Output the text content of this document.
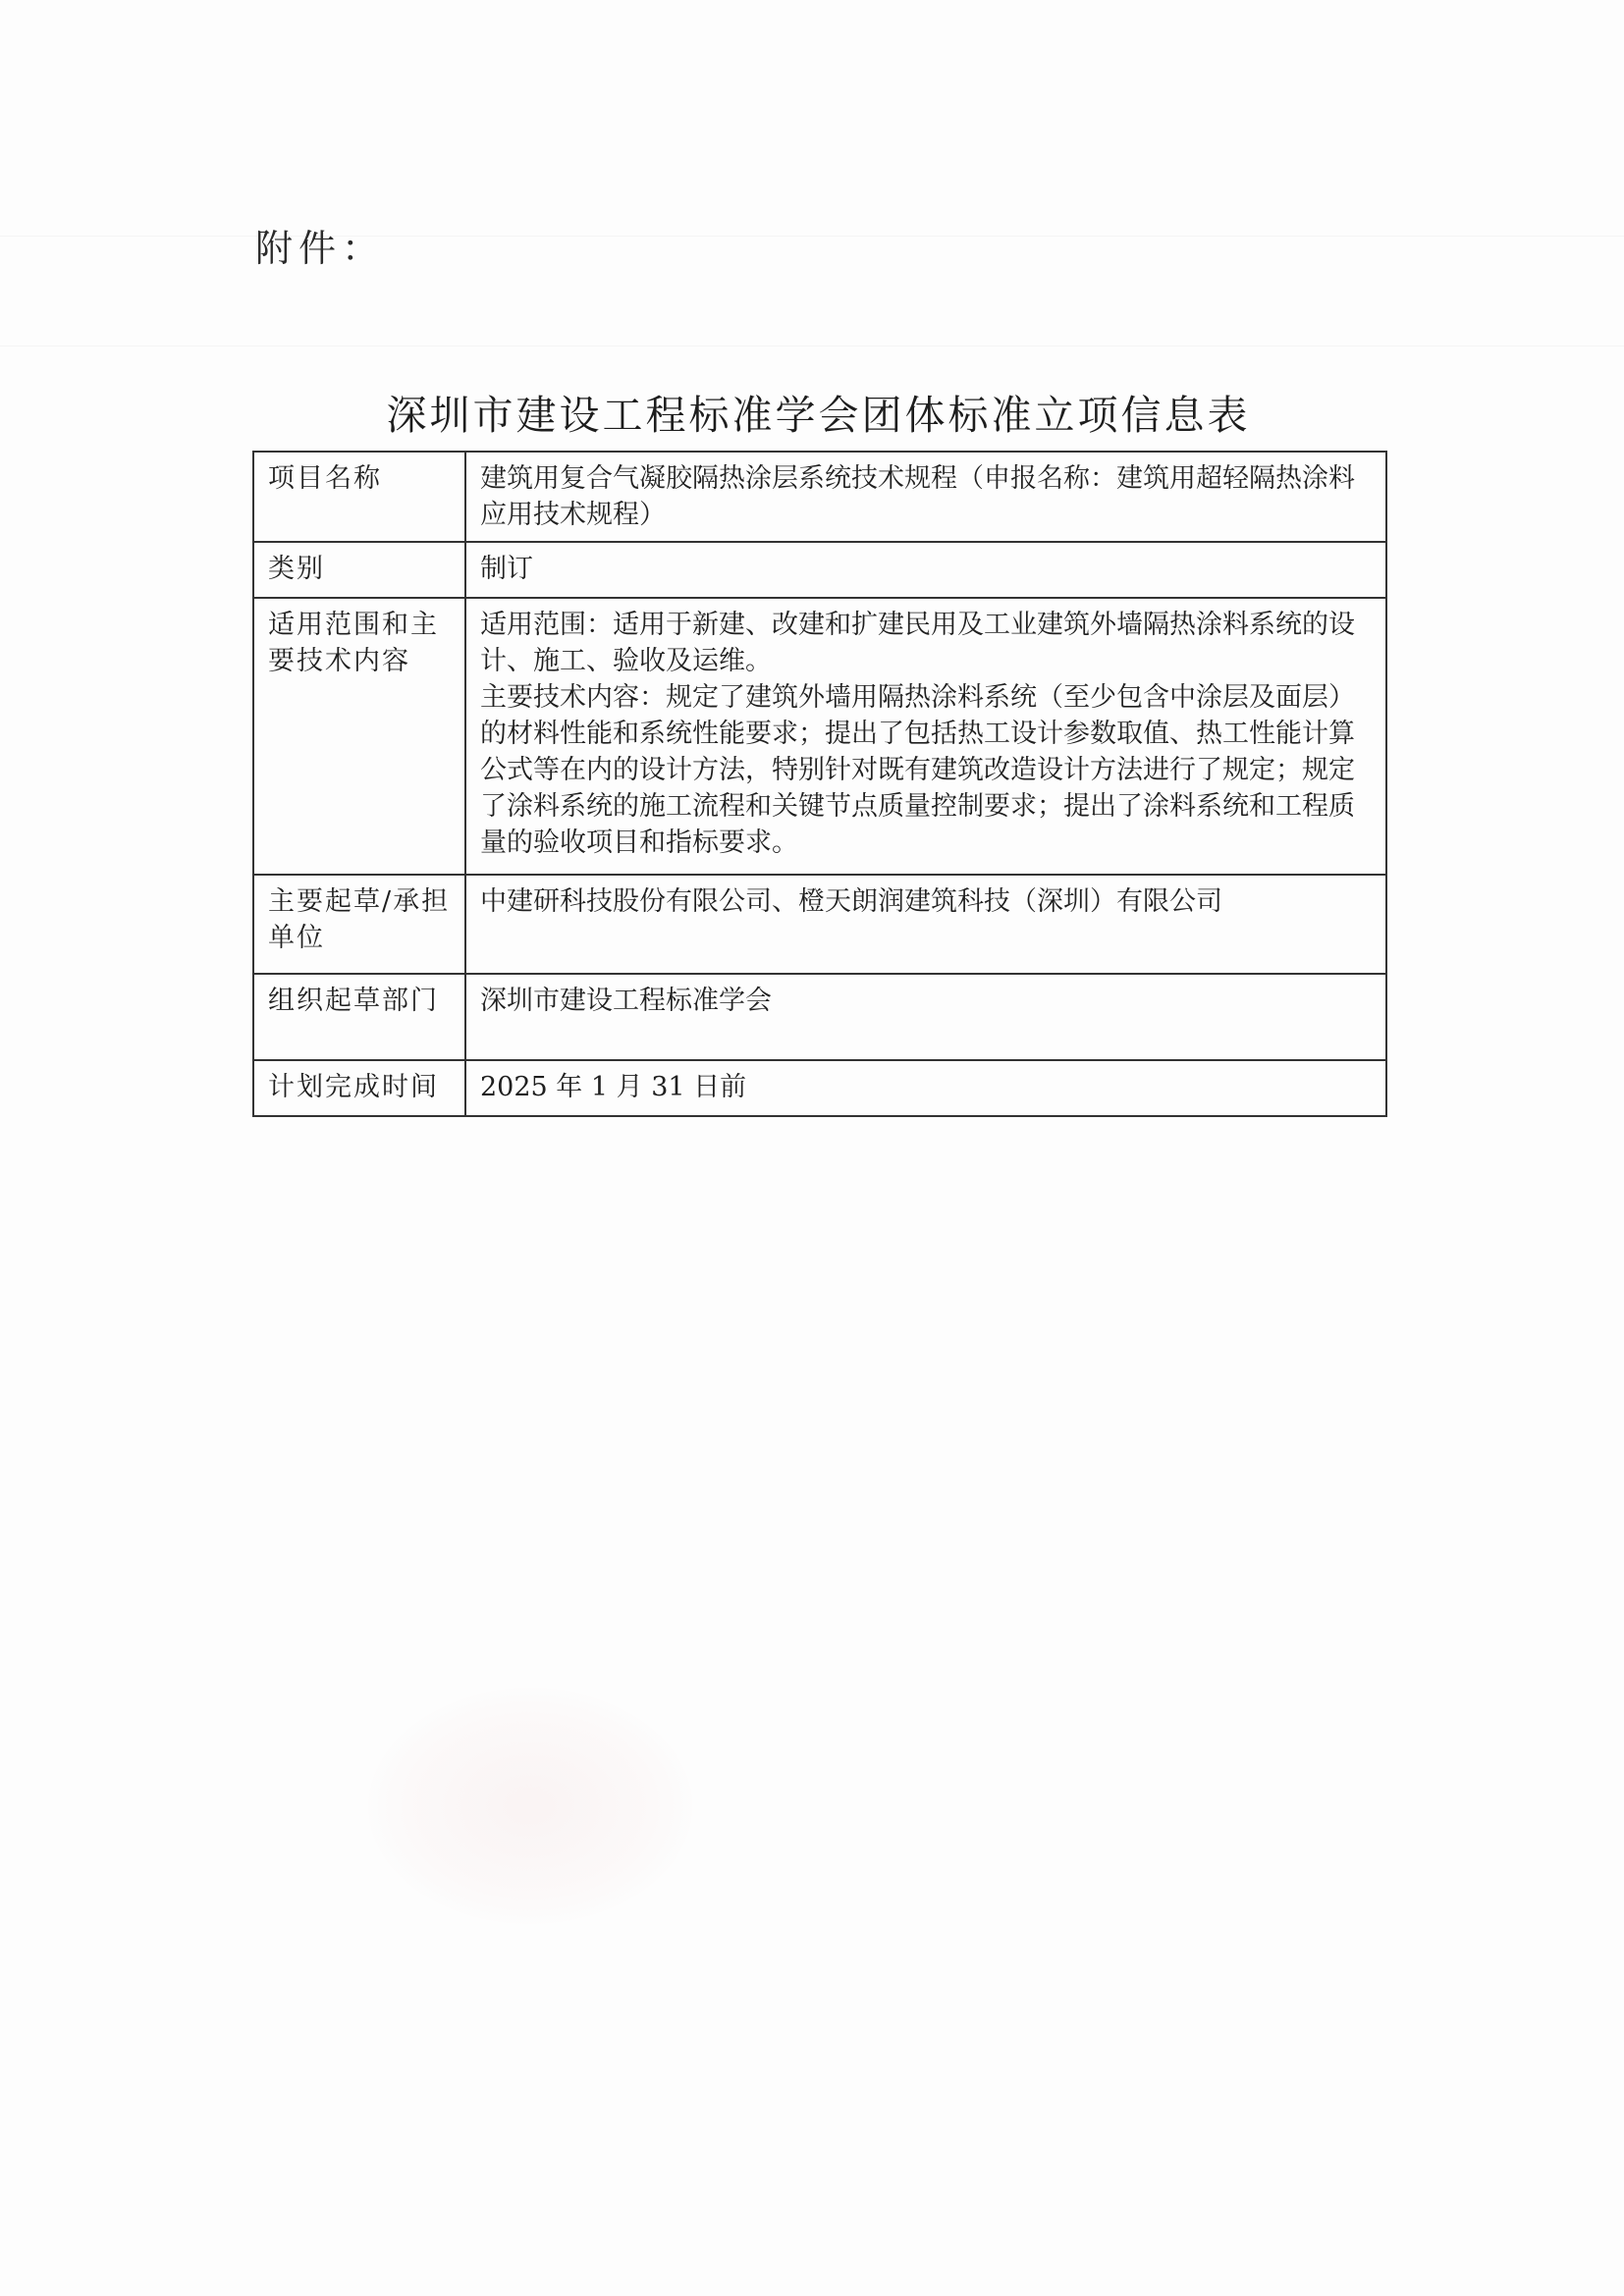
附件：
深圳市建设工程标准学会团体标准立项信息表
项目名称	建筑用复合气凝胶隔热涂层系统技术规程（申报名称：建筑用超轻隔热涂料应用技术规程）
类别	制订
适用范围和主要技术内容	适用范围：适用于新建、改建和扩建民用及工业建筑外墙隔热涂料系统的设计、施工、验收及运维。
主要技术内容：规定了建筑外墙用隔热涂料系统（至少包含中涂层及面层）的材料性能和系统性能要求；提出了包括热工设计参数取值、热工性能计算公式等在内的设计方法，特别针对既有建筑改造设计方法进行了规定；规定了涂料系统的施工流程和关键节点质量控制要求；提出了涂料系统和工程质量的验收项目和指标要求。

主要起草/承担单位	中建研科技股份有限公司、橙天朗润建筑科技（深圳）有限公司
组织起草部门	深圳市建设工程标准学会
计划完成时间	2025 年 1 月 31 日前
